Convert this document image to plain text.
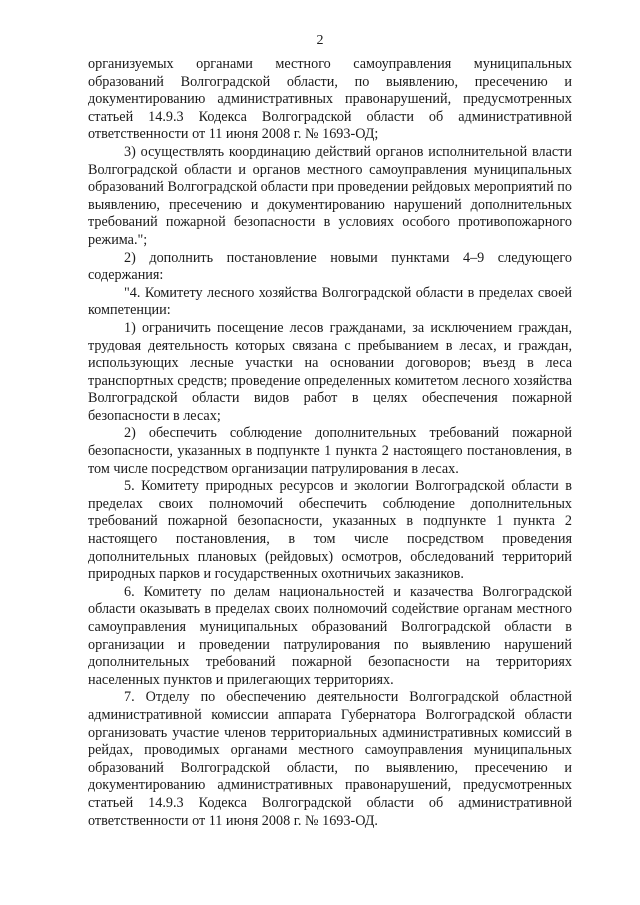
2

организуемых органами местного самоуправления муниципальных образований Волгоградской области, по выявлению, пресечению и документированию административных правонарушений, предусмотренных статьей 14.9.3 Кодекса Волгоградской области об административной ответственности от 11 июня 2008 г. № 1693-ОД;

3) осуществлять координацию действий органов исполнительной власти Волгоградской области и органов местного самоуправления муниципальных образований Волгоградской области при проведении рейдовых мероприятий по выявлению, пресечению и документированию нарушений дополнительных требований пожарной безопасности в условиях особого противопожарного режима.";

2) дополнить постановление новыми пунктами 4–9 следующего содержания:

"4. Комитету лесного хозяйства Волгоградской области в пределах своей компетенции:

1) ограничить посещение лесов гражданами, за исключением граждан, трудовая деятельность которых связана с пребыванием в лесах, и граждан, использующих лесные участки на основании договоров; въезд в леса транспортных средств; проведение определенных комитетом лесного хозяйства Волгоградской области видов работ в целях обеспечения пожарной безопасности в лесах;

2) обеспечить соблюдение дополнительных требований пожарной безопасности, указанных в подпункте 1 пункта 2 настоящего постановления, в том числе посредством организации патрулирования в лесах.

5. Комитету природных ресурсов и экологии Волгоградской области в пределах своих полномочий обеспечить соблюдение дополнительных требований пожарной безопасности, указанных в подпункте 1 пункта 2 настоящего постановления, в том числе посредством проведения дополнительных плановых (рейдовых) осмотров, обследований территорий природных парков и государственных охотничьих заказников.

6. Комитету по делам национальностей и казачества Волгоградской области оказывать в пределах своих полномочий содействие органам местного самоуправления муниципальных образований Волгоградской области в организации и проведении патрулирования по выявлению нарушений дополнительных требований пожарной безопасности на территориях населенных пунктов и прилегающих территориях.

7. Отделу по обеспечению деятельности Волгоградской областной административной комиссии аппарата Губернатора Волгоградской области организовать участие членов территориальных административных комиссий в рейдах, проводимых органами местного самоуправления муниципальных образований Волгоградской области, по выявлению, пресечению и документированию административных правонарушений, предусмотренных статьей 14.9.3 Кодекса Волгоградской области об административной ответственности от 11 июня 2008 г. № 1693-ОД.
